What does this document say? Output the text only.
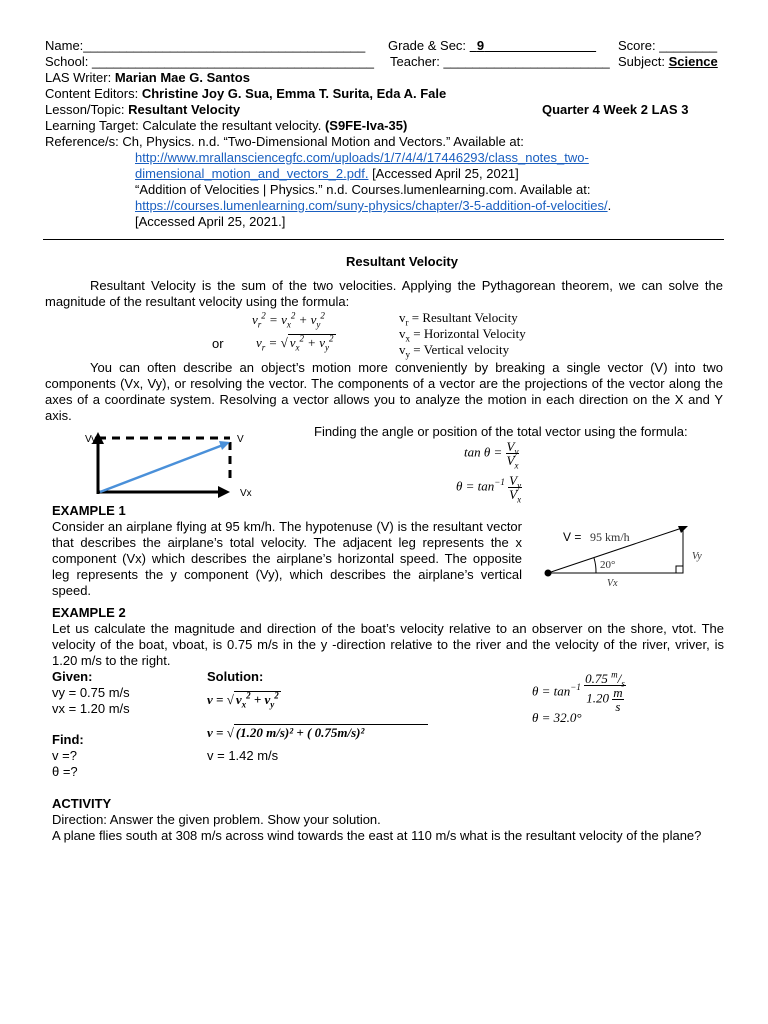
Name:_______________________________________ Grade & Sec: 9	Score: ________
School: _______________________________________ Teacher: _______________________ Subject: Science
LAS Writer: Marian Mae G. Santos
Content Editors: Christine Joy G. Sua, Emma T. Surita, Eda A. Fale
Lesson/Topic: Resultant Velocity	Quarter 4 Week 2 LAS 3
Learning Target: Calculate the resultant velocity. (S9FE-Iva-35)
Reference/s: Ch, Physics. n.d. “Two-Dimensional Motion and Vectors.” Available at:
http://www.mrallansciencegfc.com/uploads/1/7/4/4/17446293/class_notes_two-
dimensional_motion_and_vectors_2.pdf. [Accessed April 25, 2021]
“Addition of Velocities | Physics.” n.d. Courses.lumenlearning.com. Available at:
https://courses.lumenlearning.com/suny-physics/chapter/3-5-addition-of-velocities/.
[Accessed April 25, 2021.]
Resultant Velocity
Resultant Velocity is the sum of the two velocities. Applying the Pythagorean theorem, we can solve the magnitude of the resultant velocity using the formula:
$v_r^2 = v_x^2 + v_y^2$
or $v_r$ = √ $v_x^2 + v_y^2$
$v_r$ = Resultant Velocity
$v_x$ = Horizontal Velocity
$v_y$ = Vertical velocity
You can often describe an object’s motion more conveniently by breaking a single vector (V) into two components (Vx, Vy), or resolving the vector. The components of a vector are the projections of the vector along the axes of a coordinate system. Resolving a vector allows you to analyze the motion in each direction on the X and Y axis.
Vy	V
Vx
Finding the angle or position of the total vector using the formula:
$\tan \theta = \frac{V_y}{V_x}$
$\theta = \tan^{-1} \frac{V_y}{V_x}$
EXAMPLE 1
Consider an airplane flying at 95 km/h. The hypotenuse (V) is the resultant vector that describes the airplane’s total velocity. The adjacent leg represents the x component (Vx) which describes the airplane’s horizontal speed. The opposite leg represents the y component (Vy), which describes the airplane’s vertical speed.
V = 95 km/h
20°
Vy
Vx
EXAMPLE 2
Let us calculate the magnitude and direction of the boat’s velocity relative to an observer on the shore, vtot. The velocity of the boat, vboat, is 0.75 m/s in the y -direction relative to the river and the velocity of the river, vriver, is 1.20 m/s to the right.
Given:
vy = 0.75 m/s
vx = 1.20 m/s
Find:
v =?
θ =?
Solution:
v = √ $v_x^2 + v_y^2$
v = √ (1.20 m/s)² + ( 0.75m/s)²
v = 1.42 m/s
$\theta = \tan^{-1} \frac{0.75 ^m/_s}{1.20 \frac{m}{s}}$
θ = 32.0°
ACTIVITY
Direction: Answer the given problem. Show your solution.
A plane flies south at 308 m/s across wind towards the east at 110 m/s what is the resultant velocity of the plane?
